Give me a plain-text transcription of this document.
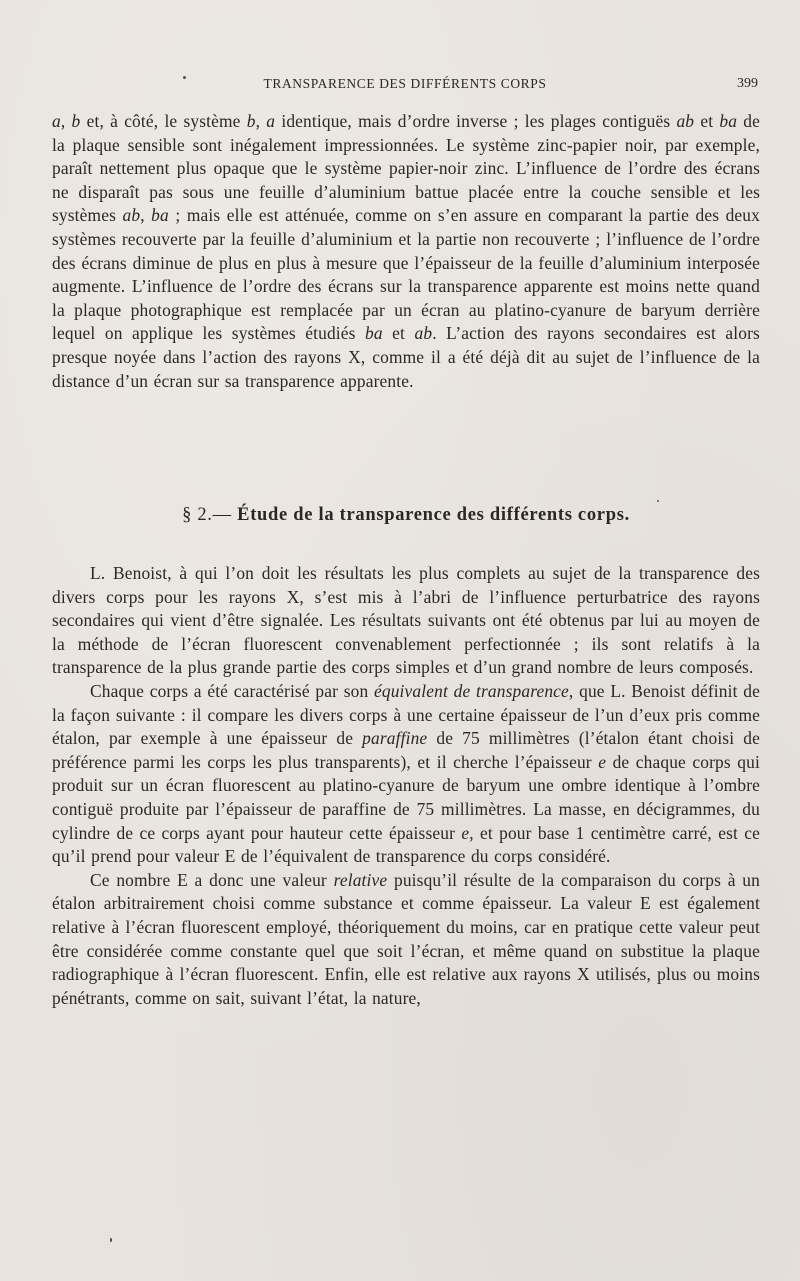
TRANSPARENCE DES DIFFÉRENTS CORPS	399

a, b et, à côté, le système b, a identique, mais d’ordre inverse ; les plages contiguës ab et ba de la plaque sensible sont inégalement impressionnées. Le système zinc-papier noir, par exemple, paraît nettement plus opaque que le système papier-noir zinc. L’influence de l’ordre des écrans ne disparaît pas sous une feuille d’aluminium battue placée entre la couche sensible et les systèmes ab, ba ; mais elle est atténuée, comme on s’en assure en comparant la partie des deux systèmes recouverte par la feuille d’aluminium et la partie non recouverte ; l’influence de l’ordre des écrans diminue de plus en plus à mesure que l’épaisseur de la feuille d’aluminium interposée augmente. L’influence de l’ordre des écrans sur la transparence apparente est moins nette quand la plaque photographique est remplacée par un écran au platino-cyanure de baryum derrière lequel on applique les systèmes étudiés ba et ab. L’action des rayons secondaires est alors presque noyée dans l’action des rayons X, comme il a été déjà dit au sujet de l’influence de la distance d’un écran sur sa transparence apparente.

§ 2.— Étude de la transparence des différents corps.

L. Benoist, à qui l’on doit les résultats les plus complets au sujet de la transparence des divers corps pour les rayons X, s’est mis à l’abri de l’influence perturbatrice des rayons secondaires qui vient d’être signalée. Les résultats suivants ont été obtenus par lui au moyen de la méthode de l’écran fluorescent convenablement perfectionnée ; ils sont relatifs à la transparence de la plus grande partie des corps simples et d’un grand nombre de leurs composés.

Chaque corps a été caractérisé par son équivalent de transparence, que L. Benoist définit de la façon suivante : il compare les divers corps à une certaine épaisseur de l’un d’eux pris comme étalon, par exemple à une épaisseur de paraffine de 75 millimètres (l’étalon étant choisi de préférence parmi les corps les plus transparents), et il cherche l’épaisseur e de chaque corps qui produit sur un écran fluorescent au platino-cyanure de baryum une ombre identique à l’ombre contiguë produite par l’épaisseur de paraffine de 75 millimètres. La masse, en décigrammes, du cylindre de ce corps ayant pour hauteur cette épaisseur e, et pour base 1 centimètre carré, est ce qu’il prend pour valeur E de l’équivalent de transparence du corps considéré.

Ce nombre E a donc une valeur relative puisqu’il résulte de la comparaison du corps à un étalon arbitrairement choisi comme substance et comme épaisseur. La valeur E est également relative à l’écran fluorescent employé, théoriquement du moins, car en pratique cette valeur peut être considérée comme constante quel que soit l’écran, et même quand on substitue la plaque radiographique à l’écran fluorescent. Enfin, elle est relative aux rayons X utilisés, plus ou moins pénétrants, comme on sait, suivant l’état, la nature,
